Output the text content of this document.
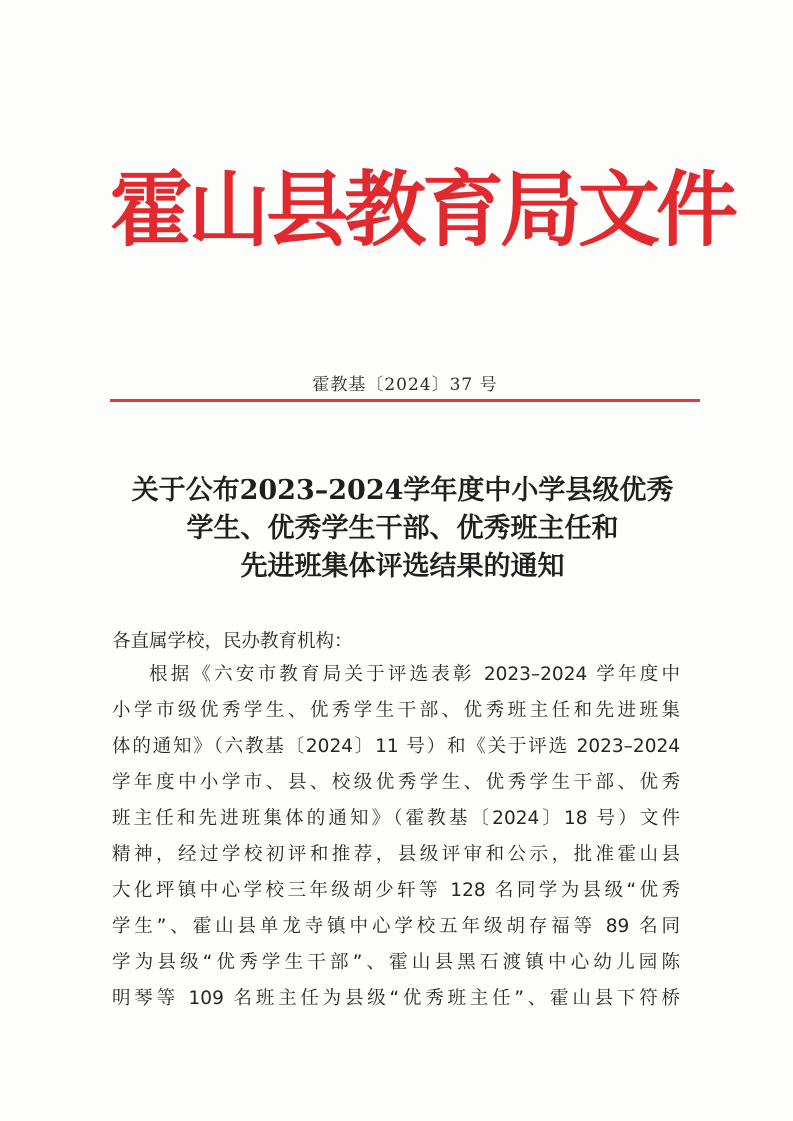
霍山县教育局文件
霍教基〔2024〕37 号
关于公布2023–2024学年度中小学县级优秀
学生、优秀学生干部、优秀班主任和
先进班集体评选结果的通知
各直属学校，民办教育机构：
根据《六安市教育局关于评选表彰 2023–2024 学年度中
小学市级优秀学生、优秀学生干部、优秀班主任和先进班集
体的通知》（六教基〔2024〕11 号）和《关于评选 2023–2024
学年度中小学市、县、校级优秀学生、优秀学生干部、优秀
班主任和先进班集体的通知》（霍教基〔2024〕18 号）文件
精神，经过学校初评和推荐，县级评审和公示，批准霍山县
大化坪镇中心学校三年级胡少轩等 128 名同学为县级“优秀
学生”、霍山县单龙寺镇中心学校五年级胡存福等 89 名同
学为县级“优秀学生干部”、霍山县黑石渡镇中心幼儿园陈
明琴等 109 名班主任为县级“优秀班主任”、霍山县下符桥
